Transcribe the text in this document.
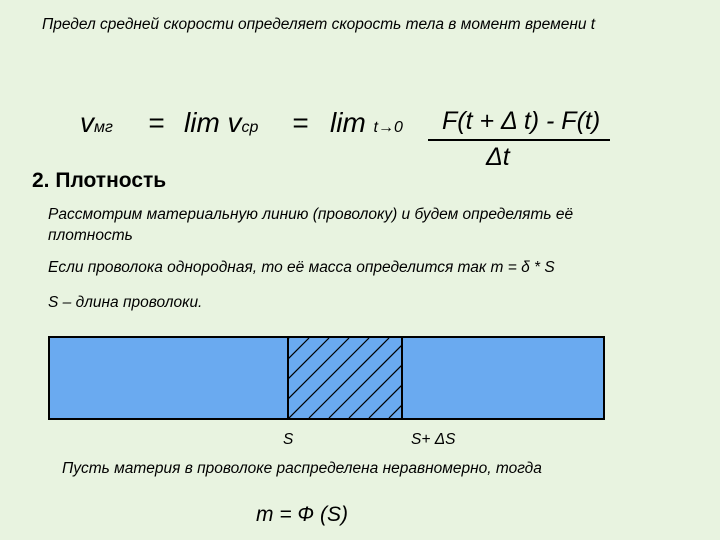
Предел средней скорости определяет скорость тела в момент времени t
vмг = lim vср = lim t→0 F(t + Δ t) - F(t)
Δt
2. Плотность
Рассмотрим материальную линию (проволоку) и будем определять её
плотность
Если проволока однородная, то её масса определится так m = δ * S
S – длина проволоки.
S	S+ ΔS
Пусть материя в проволоке распределена неравномерно, тогда
m = Ф (S)
